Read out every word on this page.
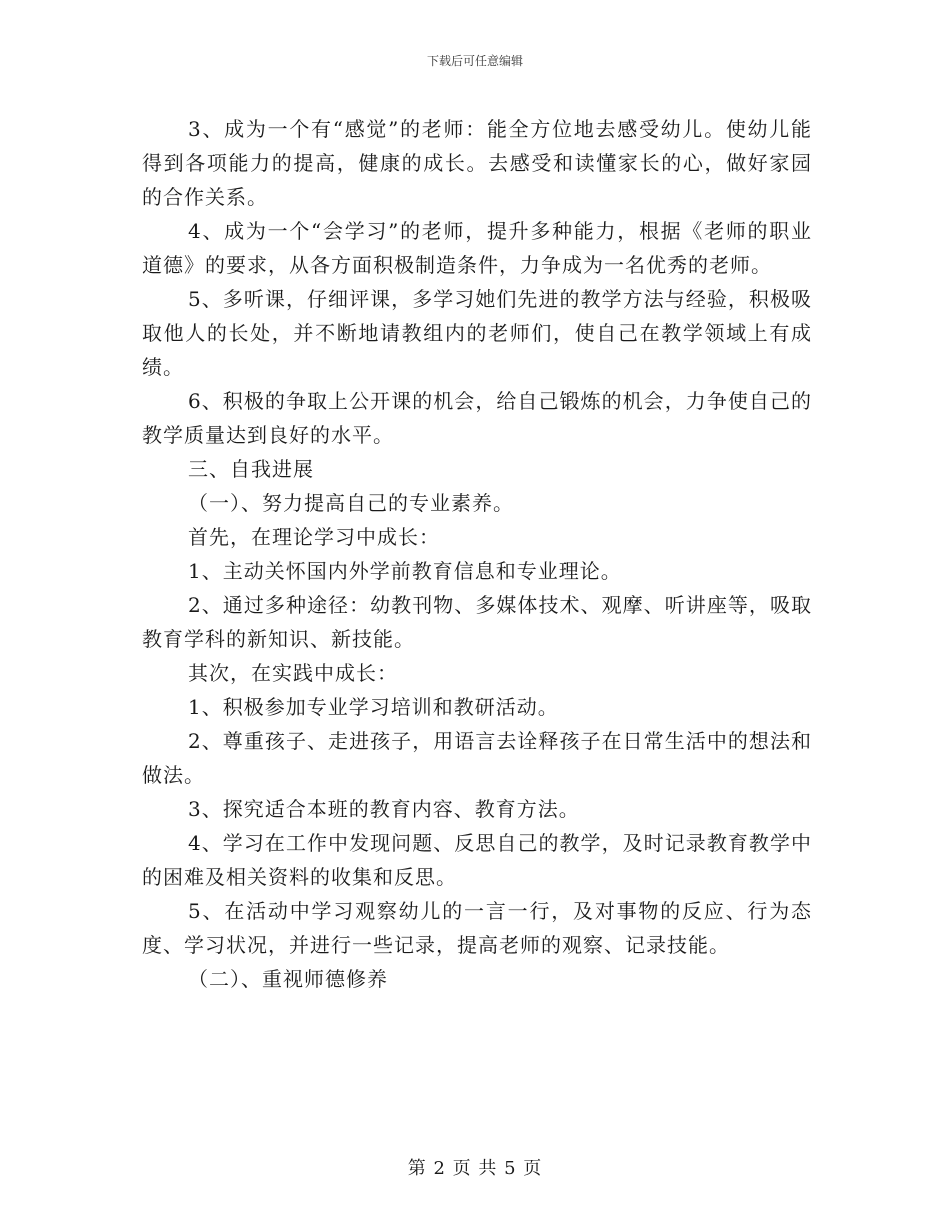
下载后可任意编辑

3、成为一个有“感觉”的老师：能全方位地去感受幼儿。使幼儿能得到各项能力的提高，健康的成长。去感受和读懂家长的心，做好家园的合作关系。

4、成为一个“会学习”的老师，提升多种能力，根据《老师的职业道德》的要求，从各方面积极制造条件，力争成为一名优秀的老师。

5、多听课，仔细评课，多学习她们先进的教学方法与经验，积极吸取他人的长处，并不断地请教组内的老师们，使自己在教学领域上有成绩。

6、积极的争取上公开课的机会，给自己锻炼的机会，力争使自己的教学质量达到良好的水平。

三、自我进展

（一）、努力提高自己的专业素养。

首先，在理论学习中成长：

1、主动关怀国内外学前教育信息和专业理论。

2、通过多种途径：幼教刊物、多媒体技术、观摩、听讲座等，吸取教育学科的新知识、新技能。

其次，在实践中成长：

1、积极参加专业学习培训和教研活动。

2、尊重孩子、走进孩子，用语言去诠释孩子在日常生活中的想法和做法。

3、探究适合本班的教育内容、教育方法。

4、学习在工作中发现问题、反思自己的教学，及时记录教育教学中的困难及相关资料的收集和反思。

5、在活动中学习观察幼儿的一言一行，及对事物的反应、行为态度、学习状况，并进行一些记录，提高老师的观察、记录技能。

（二）、重视师德修养

第 2 页 共 5 页
